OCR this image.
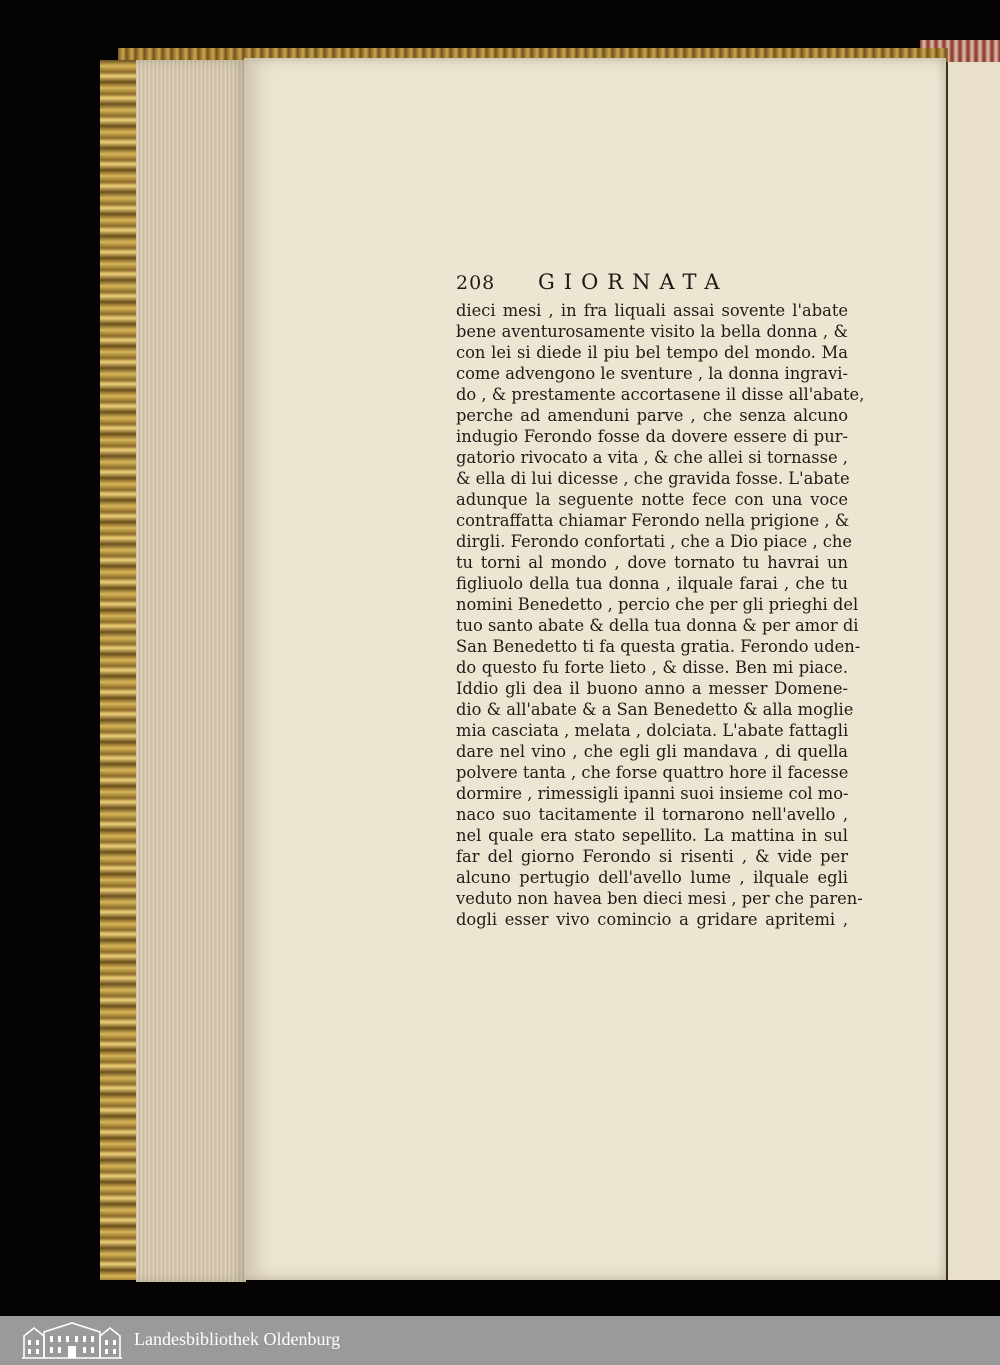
208 GIORNATA
dieci mesi , in fra liquali assai sovente l'abate
bene aventurosamente visito la bella donna , &
con lei si diede il piu bel tempo del mondo. Ma
come advengono le sventure , la donna ingravi-
do , & prestamente accortasene il disse all'abate,
perche ad amenduni parve , che senza alcuno
indugio Ferondo fosse da dovere essere di pur-
gatorio rivocato a vita , & che allei si tornasse ,
& ella di lui dicesse , che gravida fosse. L'abate
adunque la seguente notte fece con una voce
contraffatta chiamar Ferondo nella prigione , &
dirgli. Ferondo confortati , che a Dio piace , che
tu torni al mondo , dove tornato tu havrai un
figliuolo della tua donna , ilquale farai , che tu
nomini Benedetto , percio che per gli prieghi del
tuo santo abate & della tua donna & per amor di
San Benedetto ti fa questa gratia. Ferondo uden-
do questo fu forte lieto , & disse. Ben mi piace.
Iddio gli dea il buono anno a messer Domene-
dio & all'abate & a San Benedetto & alla moglie
mia casciata , melata , dolciata. L'abate fattagli
dare nel vino , che egli gli mandava , di quella
polvere tanta , che forse quattro hore il facesse
dormire , rimessigli ipanni suoi insieme col mo-
naco suo tacitamente il tornarono nell'avello ,
nel quale era stato sepellito. La mattina in sul
far del giorno Ferondo si risenti , & vide per
alcuno pertugio dell'avello lume , ilquale egli
veduto non havea ben dieci mesi , per che paren-
dogli esser vivo comincio a gridare apritemi ,
Landesbibliothek Oldenburg
